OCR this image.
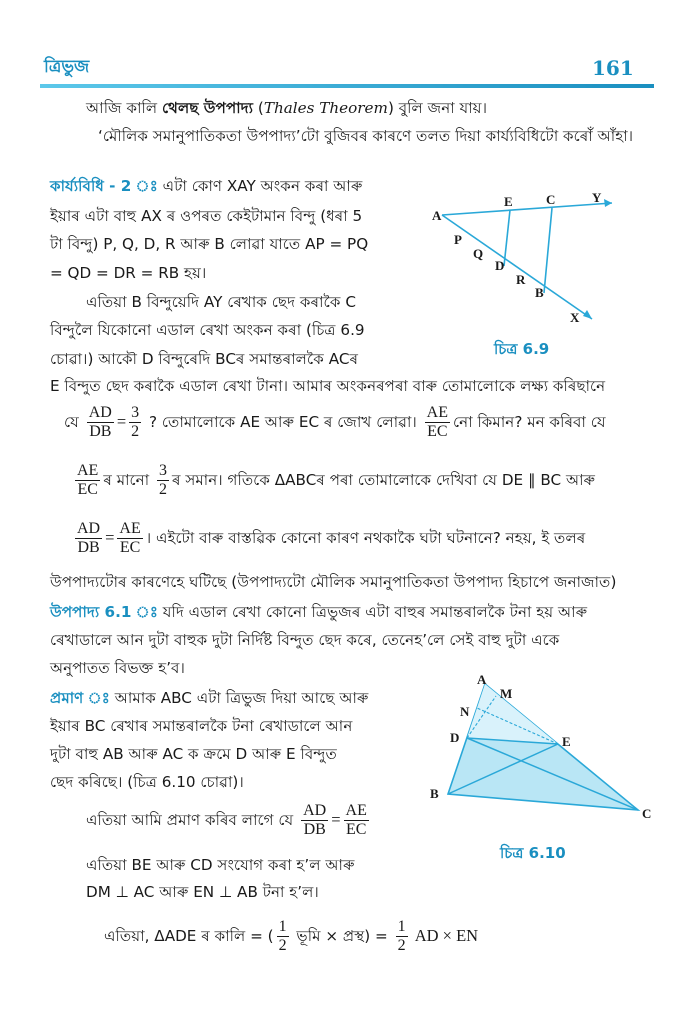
ত্ৰিভুজ	161
আজি কালি থেলছ উপপাদ্য (Thales Theorem) বুলি জনা যায়।
‘মৌলিক সমানুপাতিকতা উপপাদ্য’টো বুজিবৰ কাৰণে তলত দিয়া কাৰ্য্যবিধিটো কৰোঁ আঁহা।
কাৰ্য্যবিধি - 2 ঃ এটা কোণ XAY অংকন কৰা আৰু
ইয়াৰ এটা বাহু AX ৰ ওপৰত কেইটামান বিন্দু (ধৰা 5
টা বিন্দু) P, Q, D, R আৰু B লোৱা যাতে AP = PQ
= QD = DR = RB হয়।
এতিয়া B বিন্দুয়েদি AY ৰেখাক ছেদ কৰাকৈ C
বিন্দুলৈ যিকোনো এডাল ৰেখা অংকন কৰা (চিত্ৰ 6.9
চোৱা।) আকৌ D বিন্দুৰেদি BCৰ সমান্তৰালকৈ ACৰ
E বিন্দুত ছেদ কৰাকৈ এডাল ৰেখা টানা। আমাৰ অংকনৰপৰা বাৰু তোমালোকে লক্ষ্য কৰিছানে
A
E	C	Y
P
Q
D
R
B
X
চিত্ৰ 6.9
যে $\frac{AD}{DB} = \frac{3}{2}$ ? তোমালোকে AE আৰু EC ৰ জোখ লোৱা। $\frac{AE}{EC}$ নো কিমান? মন কৰিবা যে
$\frac{AE}{EC}$ ৰ মানো $\frac{3}{2}$ ৰ সমান। গতিকে ΔABCৰ পৰা তোমালোকে দেখিবা যে DE ∥ BC আৰু
$\frac{AD}{DB} = \frac{AE}{EC}$ । এইটো বাৰু বাস্তৱিক কোনো কাৰণ নথকাকৈ ঘটা ঘটনানে? নহয়, ই তলৰ
উপপাদ্যটোৰ কাৰণেহে ঘটিছে (উপপাদ্যটো মৌলিক সমানুপাতিকতা উপপাদ্য হিচাপে জনাজাত)
উপপাদ্য 6.1 ঃ যদি এডাল ৰেখা কোনো ত্ৰিভুজৰ এটা বাহুৰ সমান্তৰালকৈ টনা হয় আৰু
ৰেখাডালে আন দুটা বাহুক দুটা নিৰ্দিষ্ট বিন্দুত ছেদ কৰে, তেনেহ’লে সেই বাহু দুটা একে
অনুপাতত বিভক্ত হ’ব।
প্ৰমাণ ঃ আমাক ABC এটা ত্ৰিভুজ দিয়া আছে আৰু
ইয়াৰ BC ৰেখাৰ সমান্তৰালকৈ টনা ৰেখাডালে আন
দুটা বাহু AB আৰু AC ক ক্ৰমে D আৰু E বিন্দুত
ছেদ কৰিছে। (চিত্ৰ 6.10 চোৱা)।
A
M
N
D	E
B
C
চিত্ৰ 6.10
এতিয়া আমি প্ৰমাণ কৰিব লাগে যে $\frac{AD}{DB} = \frac{AE}{EC}$
এতিয়া BE আৰু CD সংযোগ কৰা হ’ল আৰু
DM ⊥ AC আৰু EN ⊥ AB টনা হ’ল।
এতিয়া, ΔADE ৰ কালি = ( $\frac{1}{2}$ ভূমি × প্ৰস্থ) = $\frac{1}{2}$ AD × EN
